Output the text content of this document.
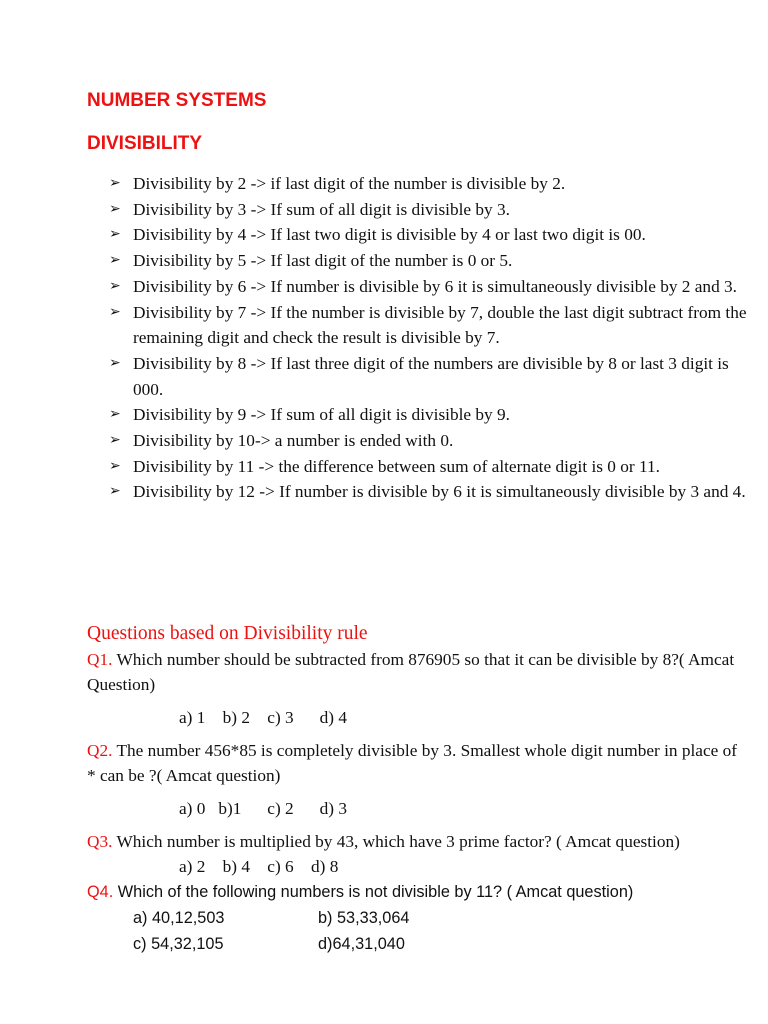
NUMBER SYSTEMS
DIVISIBILITY
➢ Divisibility by 2 -> if last digit of the number is divisible by 2.
➢ Divisibility by 3 -> If sum of all digit is divisible by 3.
➢ Divisibility by 4 -> If last two digit is divisible by 4 or last two digit is 00.
➢ Divisibility by 5 -> If last digit of the number is 0 or 5.
➢ Divisibility by 6 -> If number is divisible by 6 it is simultaneously divisible by 2 and 3.
➢ Divisibility by 7 -> If the number is divisible by 7, double the last digit subtract from the remaining digit and check the result is divisible by 7.
➢ Divisibility by 8 -> If last three digit of the numbers are divisible by 8 or last 3 digit is 000.
➢ Divisibility by 9 -> If sum of all digit is divisible by 9.
➢ Divisibility by 10-> a number is ended with 0.
➢ Divisibility by 11 -> the difference between sum of alternate digit is 0 or 11.
➢ Divisibility by 12 -> If number is divisible by 6 it is simultaneously divisible by 3 and 4.
Questions based on Divisibility rule
Q1. Which number should be subtracted from 876905 so that it can be divisible by 8?( Amcat Question)
a) 1    b) 2    c) 3      d) 4
Q2. The number 456*85 is completely divisible by 3. Smallest whole digit number in place of * can be ?( Amcat question)
a) 0   b)1      c) 2      d) 3
Q3. Which number is multiplied by 43, which have 3 prime factor? ( Amcat question)
a) 2    b) 4    c) 6    d) 8
Q4. Which of the following numbers is not divisible by 11? ( Amcat question)
a) 40,12,503	b) 53,33,064
c) 54,32,105	d)64,31,040
